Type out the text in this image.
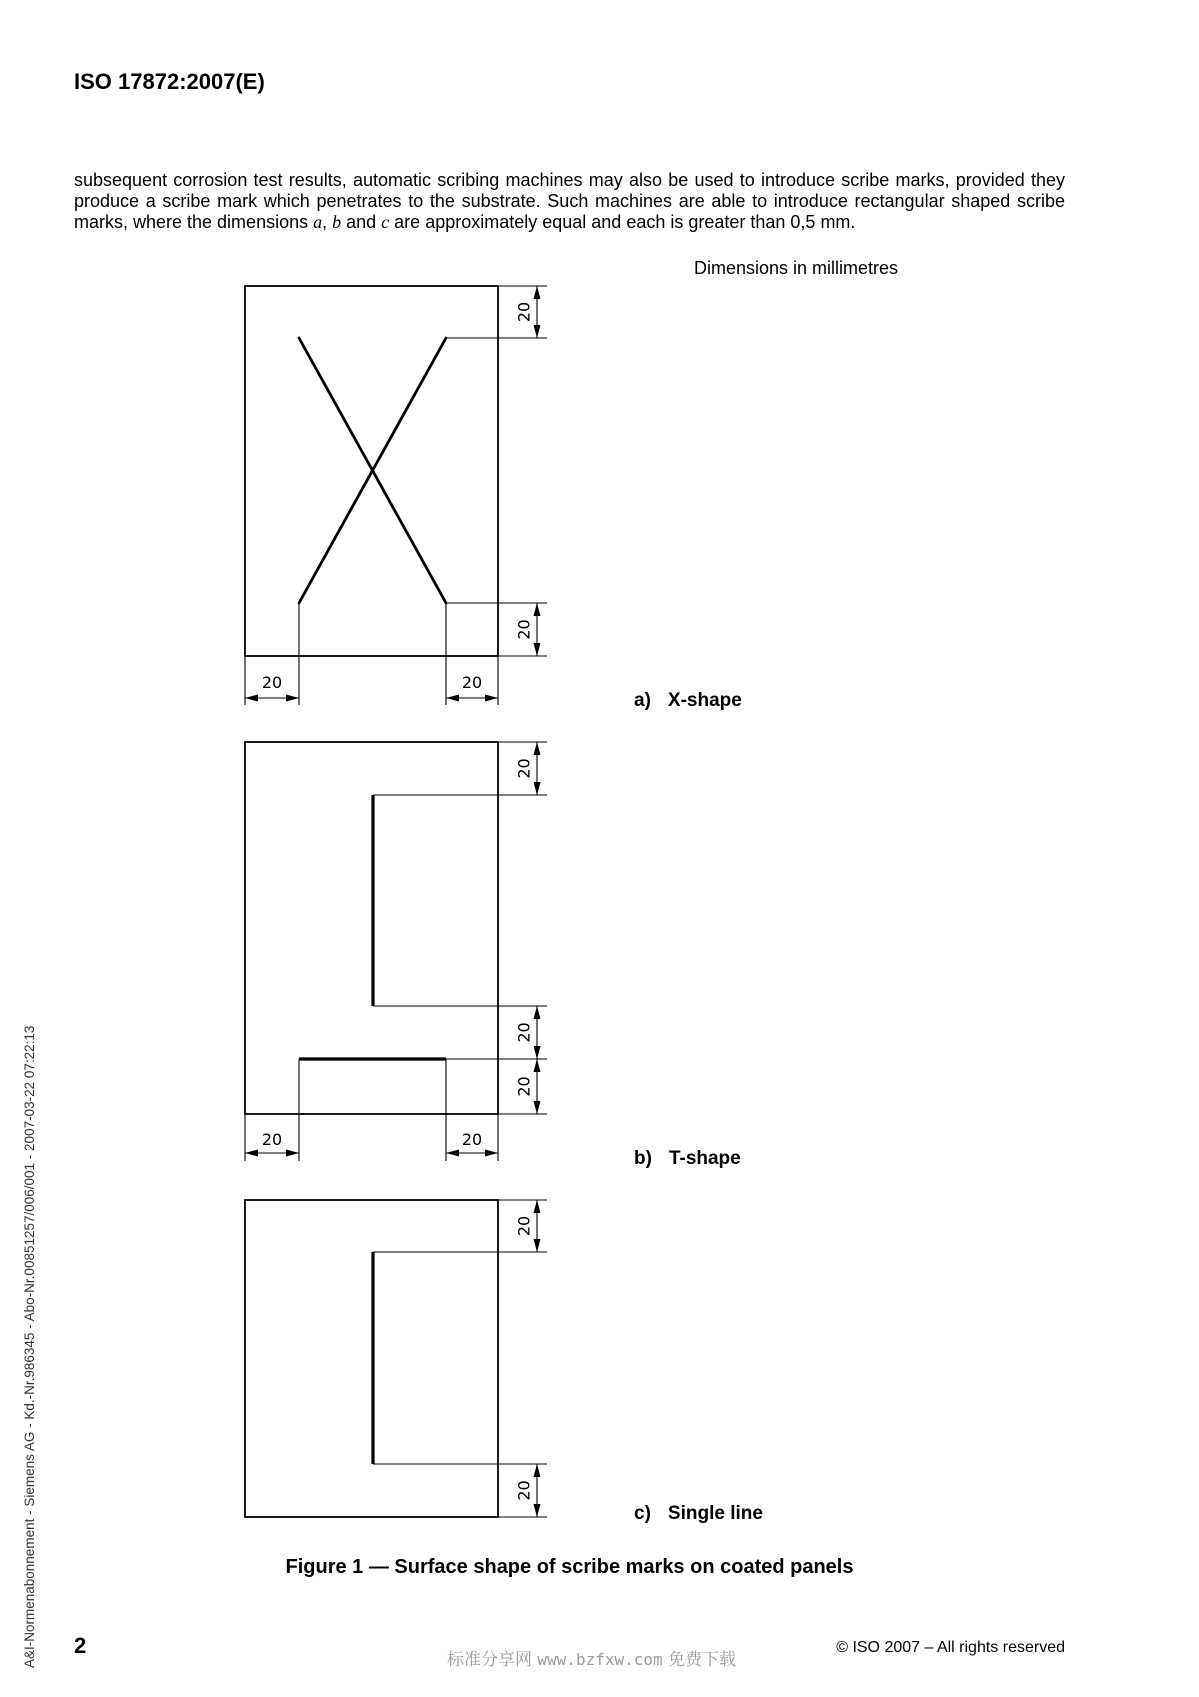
ISO 17872:2007(E)
subsequent corrosion test results, automatic scribing machines may also be used to introduce scribe marks, provided they
produce a scribe mark which penetrates to the substrate. Such machines are able to introduce rectangular shaped scribe
marks, where the dimensions a, b and c are approximately equal and each is greater than 0,5 mm.
Dimensions in millimetres
20
20
20	20
20
20
20
20	20
20
20
a) X-shape
b) T-shape
c) Single line
Figure 1 — Surface shape of scribe marks on coated panels
2
标准分享网 www.bzfxw.com 免费下载
© ISO 2007 – All rights reserved
A&I-Normenabonnement - Siemens AG - Kd.-Nr.986345 - Abo-Nr.00851257/006/001 - 2007-03-22 07:22:13
